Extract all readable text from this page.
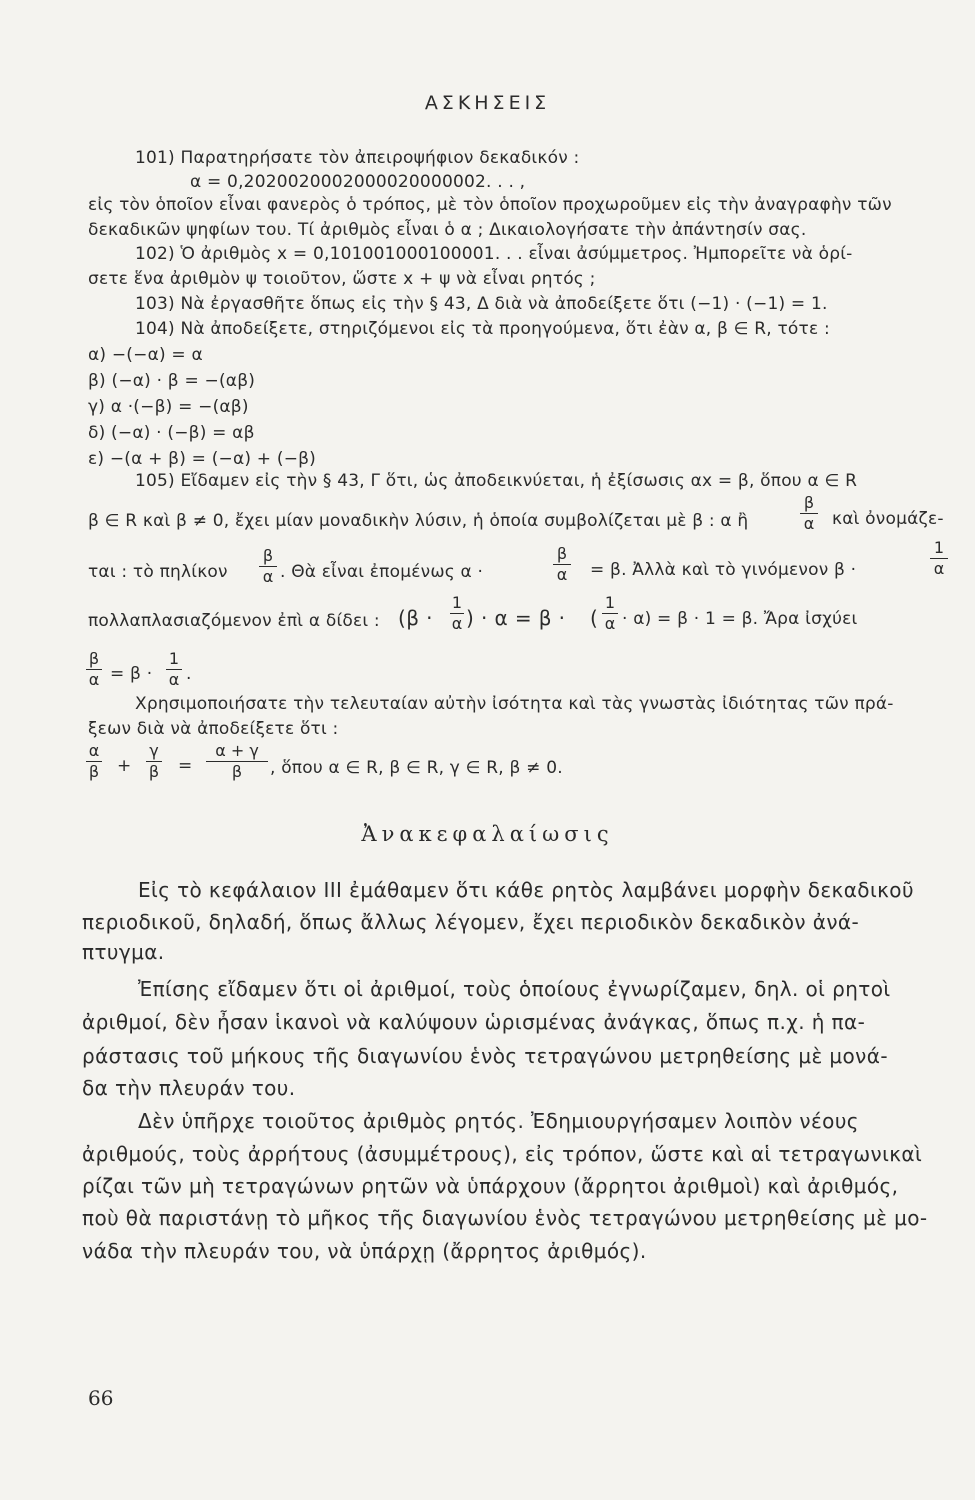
ΑΣΚΗΣΕΙΣ
101) Παρατηρήσατε τὸν ἀπειροψήφιον δεκαδικόν :
α = 0,2020020002000020000002. . . ,
εἰς τὸν ὁποῖον εἶναι φανερὸς ὁ τρόπος, μὲ τὸν ὁποῖον προχωροῦμεν εἰς τὴν ἀναγραφὴν τῶν
δεκαδικῶν ψηφίων του. Τί ἀριθμὸς εἶναι ὁ α ; Δικαιολογήσατε τὴν ἀπάντησίν σας.
102) Ὁ ἀριθμὸς x = 0,101001000100001. . . εἶναι ἀσύμμετρος. Ἠμπορεῖτε νὰ ὁρί-
σετε ἕνα ἀριθμὸν ψ τοιοῦτον, ὥστε x + ψ νὰ εἶναι ρητός ;
103) Νὰ ἐργασθῆτε ὅπως εἰς τὴν § 43, Δ διὰ νὰ ἀποδείξετε ὅτι (−1) · (−1) = 1.
104) Νὰ ἀποδείξετε, στηριζόμενοι εἰς τὰ προηγούμενα, ὅτι ἐὰν α, β ∈ R, τότε :
α) −(−α) = α
β) (−α) · β = −(αβ)
γ) α ·(−β) = −(αβ)
δ) (−α) · (−β) = αβ
ε) −(α + β) = (−α) + (−β)
105) Εἴδαμεν εἰς τὴν § 43, Γ ὅτι, ὡς ἀποδεικνύεται, ἡ ἐξίσωσις αx = β, ὅπου α ∈ R
β ∈ R καὶ β ≠ 0, ἔχει μίαν μοναδικὴν λύσιν, ἡ ὁποία συμβολίζεται μὲ β : α ἢ
β
α καὶ ὀνομάζε-
ται : τὸ πηλίκον
β
α . Θὰ εἶναι ἐπομένως α ·
β
α = β. Ἀλλὰ καὶ τὸ γινόμενον β ·
1
α
πολλαπλασιαζόμενον ἐπὶ α δίδει : (β ·
1
α ) · α = β · (
1
α · α) = β · 1 = β. Ἄρα ἰσχύει
β
α = β ·
1
α .
Χρησιμοποιήσατε τὴν τελευταίαν αὐτὴν ἰσότητα καὶ τὰς γνωστὰς ἰδιότητας τῶν πρά-
ξεων διὰ νὰ ἀποδείξετε ὅτι :
α
β +
γ
β =
α + γ
β	, ὅπου α ∈ R, β ∈ R, γ ∈ R, β ≠ 0.
Ἀνακεφαλαίωσις
Εἰς τὸ κεφάλαιον III ἐμάθαμεν ὅτι κάθε ρητὸς λαμβάνει μορφὴν δεκαδικοῦ
περιοδικοῦ, δηλαδή, ὅπως ἄλλως λέγομεν, ἔχει περιοδικὸν δεκαδικὸν ἀνά-
πτυγμα.
Ἐπίσης εἴδαμεν ὅτι οἱ ἀριθμοί, τοὺς ὁποίους ἐγνωρίζαμεν, δηλ. οἱ ρητοὶ
ἀριθμοί, δὲν ἦσαν ἱκανοὶ νὰ καλύψουν ὡρισμένας ἀνάγκας, ὅπως π.χ. ἡ πα-
ράστασις τοῦ μήκους τῆς διαγωνίου ἑνὸς τετραγώνου μετρηθείσης μὲ μονά-
δα τὴν πλευράν του.
Δὲν ὑπῆρχε τοιοῦτος ἀριθμὸς ρητός. Ἐδημιουργήσαμεν λοιπὸν νέους
ἀριθμούς, τοὺς ἀρρήτους (ἀσυμμέτρους), εἰς τρόπον, ὥστε καὶ αἱ τετραγωνικαὶ
ρίζαι τῶν μὴ τετραγώνων ρητῶν νὰ ὑπάρχουν (ἄρρητοι ἀριθμοὶ) καὶ ἀριθμός,
ποὺ θὰ παριστάνῃ τὸ μῆκος τῆς διαγωνίου ἑνὸς τετραγώνου μετρηθείσης μὲ μο-
νάδα τὴν πλευράν του, νὰ ὑπάρχῃ (ἄρρητος ἀριθμός).
66
